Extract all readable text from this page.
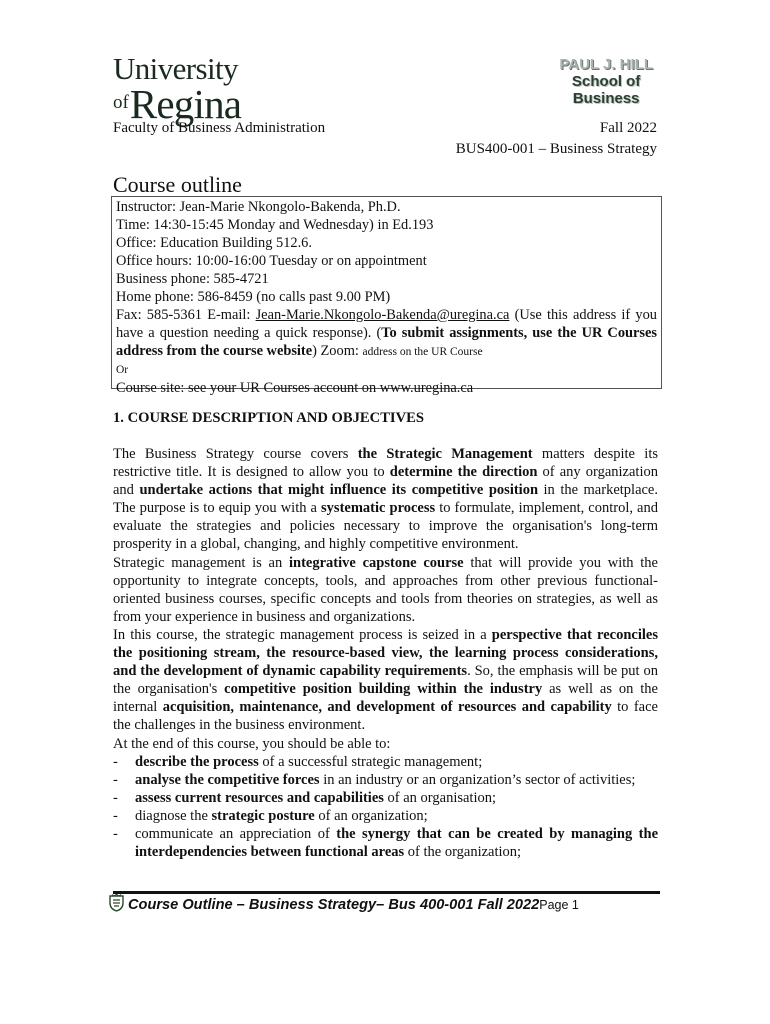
University
ofRegina
PAUL J. HILL
School of
Business
Faculty of Business Administration	Fall 2022
BUS400-001 – Business Strategy
Course outline
Instructor: Jean-Marie Nkongolo-Bakenda, Ph.D.
Time: 14:30-15:45 Monday and Wednesday) in Ed.193
Office: Education Building 512.6.
Office hours: 10:00-16:00 Tuesday or on appointment
Business phone: 585-4721
Home phone: 586-8459 (no calls past 9.00 PM)
Fax: 585-5361 E-mail: Jean-Marie.Nkongolo-Bakenda@uregina.ca (Use this address if you have a question needing a quick response). (To submit assignments, use the UR Courses address from the course website) Zoom: address on the UR Course
Or
Course site: see your UR Courses account on www.uregina.ca
1. COURSE DESCRIPTION AND OBJECTIVES

The Business Strategy course covers the Strategic Management matters despite its restrictive title. It is designed to allow you to determine the direction of any organization and undertake actions that might influence its competitive position in the marketplace. The purpose is to equip you with a systematic process to formulate, implement, control, and evaluate the strategies and policies necessary to improve the organisation's long-term prosperity in a global, changing, and highly competitive environment.

Strategic management is an integrative capstone course that will provide you with the opportunity to integrate concepts, tools, and approaches from other previous functional-oriented business courses, specific concepts and tools from theories on strategies, as well as from your experience in business and organizations.

In this course, the strategic management process is seized in a perspective that reconciles the positioning stream, the resource-based view, the learning process considerations, and the development of dynamic capability requirements. So, the emphasis will be put on the organisation's competitive position building within the industry as well as on the internal acquisition, maintenance, and development of resources and capability to face the challenges in the business environment.

At the end of this course, you should be able to:

- describe the process of a successful strategic management;
- analyse the competitive forces in an industry or an organization’s sector of activities;
- assess current resources and capabilities of an organisation;
- diagnose the strategic posture of an organization;
- communicate an appreciation of the synergy that can be created by managing the interdependencies between functional areas of the organization;
Course Outline – Business Strategy– Bus 400-001 Fall 2022Page 1
